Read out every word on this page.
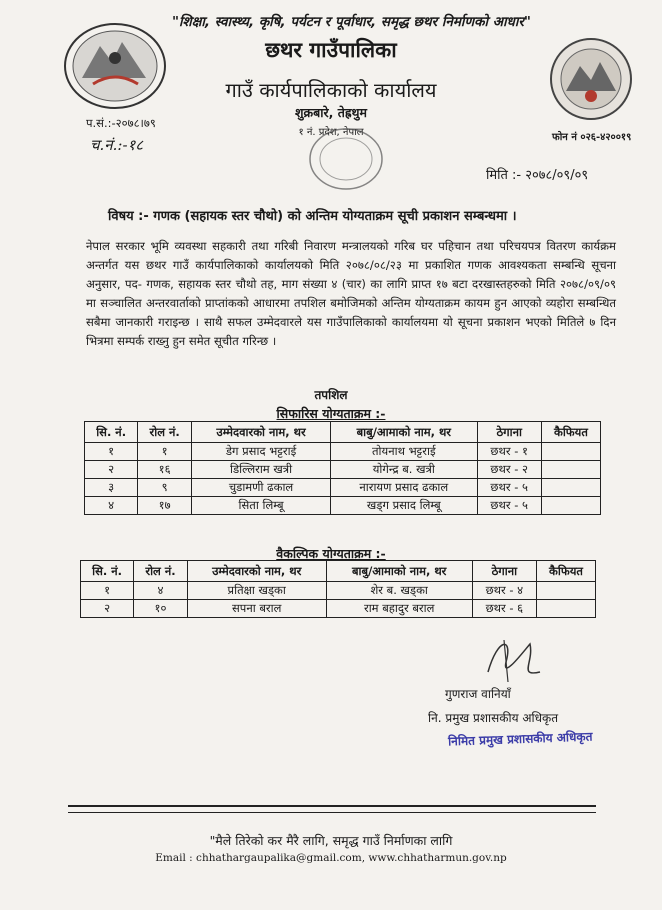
"शिक्षा, स्वास्थ्य, कृषि, पर्यटन र पूर्वाधार, समृद्ध छथर निर्माणको आधार"
छथर गाउँपालिका
गाउँ कार्यपालिकाको कार्यालय
शुक्रबारे, तेह्रथुम
१ नं. प्रदेश, नेपाल
प.सं.:-२०७८।७९
च.नं.:-१८	फोन नं ०२६-४२००१९
मिति :- २०७८/०९/०९
विषय :- गणक (सहायक स्तर चौथो) को अन्तिम योग्यताक्रम सूची प्रकाशन सम्बन्धमा ।
नेपाल सरकार भूमि व्यवस्था सहकारी तथा गरिबी निवारण मन्त्रालयको गरिब घर पहिचान तथा परिचयपत्र वितरण कार्यक्रम अन्तर्गत यस छथर गाउँ कार्यपालिकाको कार्यालयको मिति २०७८/०८/२३ मा प्रकाशित गणक आवश्यकता सम्बन्धि सूचना अनुसार, पद- गणक, सहायक स्तर चौथो तह, माग संख्या ४ (चार) का लागि प्राप्त १७ बटा दरखास्तहरुको मिति २०७८/०९/०९ मा सञ्चालित अन्तरवार्ताको प्राप्तांकको आधारमा तपशिल बमोजिमको अन्तिम योग्यताक्रम कायम हुन आएको व्यहोरा सम्बन्धित सबैमा जानकारी गराइन्छ । साथै सफल उम्मेदवारले यस गाउँपालिकाको कार्यालयमा यो सूचना प्रकाशन भएको मितिले ७ दिन भित्रमा सम्पर्क राख्नु हुन समेत सूचीत गरिन्छ ।
तपशिल
सिफारिस योग्यताक्रम :-
सि. नं.	रोल नं.	उम्मेदवारको नाम, थर	बाबु/आमाको नाम, थर	ठेगाना	कैफियत
१	१	डेग प्रसाद भट्टराई	तोयनाथ भट्टराई	छथर - १	
२	१६	डिल्लिराम खत्री	योगेन्द्र ब. खत्री	छथर - २	
३	९	चुडामणी ढकाल	नारायण प्रसाद ढकाल	छथर - ५	
४	१७	सिता लिम्बू	खड्ग प्रसाद लिम्बू	छथर - ५	
वैकल्पिक योग्यताक्रम :-
सि. नं.	रोल नं.	उम्मेदवारको नाम, थर	बाबु/आमाको नाम, थर	ठेगाना	कैफियत
१	४	प्रतिक्षा खड्का	शेर ब. खड्का	छथर - ४	
२	१०	सपना बराल	राम बहादुर बराल	छथर - ६	
गुणराज वानियाँ
नि. प्रमुख प्रशासकीय अधिकृत
निमित प्रमुख प्रशासकीय अधिकृत
"मैले तिरेको कर मैरै लागि, समृद्ध गाउँ निर्माणका लागि
Email : chhathargaupalika@gmail.com, www.chhatharmun.gov.np
